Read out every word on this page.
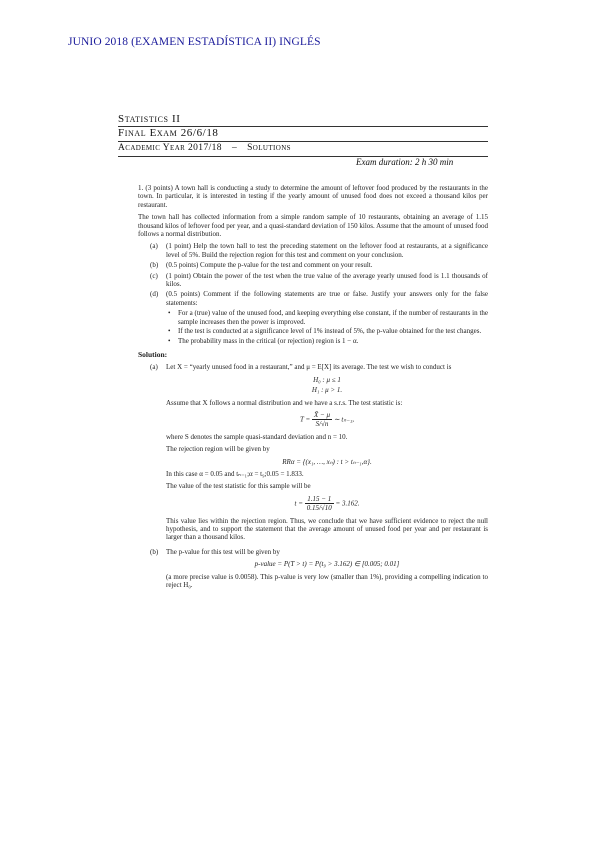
JUNIO 2018 (EXAMEN ESTADÍSTICA II) INGLÉS
Statistics II
Final Exam 26/6/18
Academic Year 2017/18 – Solutions
Exam duration: 2 h 30 min

1. (3 points) A town hall is conducting a study to determine the amount of leftover food produced by the restaurants in the town. In particular, it is interested in testing if the yearly amount of unused food does not exceed a thousand kilos per restaurant.

The town hall has collected information from a simple random sample of 10 restaurants, obtaining an average of 1.15 thousand kilos of leftover food per year, and a quasi-standard deviation of 150 kilos. Assume that the amount of unused food follows a normal distribution.

(a)	(1 point) Help the town hall to test the preceding statement on the leftover food at restaurants, at a significance level of 5%. Build the rejection region for this test and comment on your conclusion.
(b)	(0.5 points) Compute the p-value for the test and comment on your result.
(c)	(1 point) Obtain the power of the test when the true value of the average yearly unused food is 1.1 thousands of kilos.
(d)	(0.5 points) Comment if the following statements are true or false. Justify your answers only for the false statements:
•	For a (true) value of the unused food, and keeping everything else constant, if the number of restaurants in the sample increases then the power is improved.
•	If the test is conducted at a significance level of 1% instead of 5%, the p-value obtained for the test changes.
•	The probability mass in the critical (or rejection) region is 1 − α.
Solution:
(a)	Let X = “yearly unused food in a restaurant,” and μ = E[X] its average. The test we wish to conduct is

H₀ : μ ≤ 1
H₁ : μ > 1.

Assume that X follows a normal distribution and we have a s.r.s. The test statistic is:

$T = \frac{X̄ - \mu}{S/√n}$ ∼ tₙ₋₁,

where S denotes the sample quasi-standard deviation and n = 10.

The rejection region will be given by

RRα = {(x₁, …, xₙ) : t > tₙ₋₁,α}.

In this case α = 0.05 and tₙ₋₁;α = t₉;0.05 = 1.833.

The value of the test statistic for this sample will be

$t = \frac{1.15 - 1}{0.15/√10} = 3.162$.

This value lies within the rejection region. Thus, we conclude that we have sufficient evidence to reject the null hypothesis, and to support the statement that the average amount of unused food per year and per restaurant is larger than a thousand kilos.

(b)	The p-value for this test will be given by

p-value = P(T > t) = P(t₉ > 3.162) ∈ [0.005; 0.01]

(a more precise value is 0.0058). This p-value is very low (smaller than 1%), providing a compelling indication to reject H₀.
